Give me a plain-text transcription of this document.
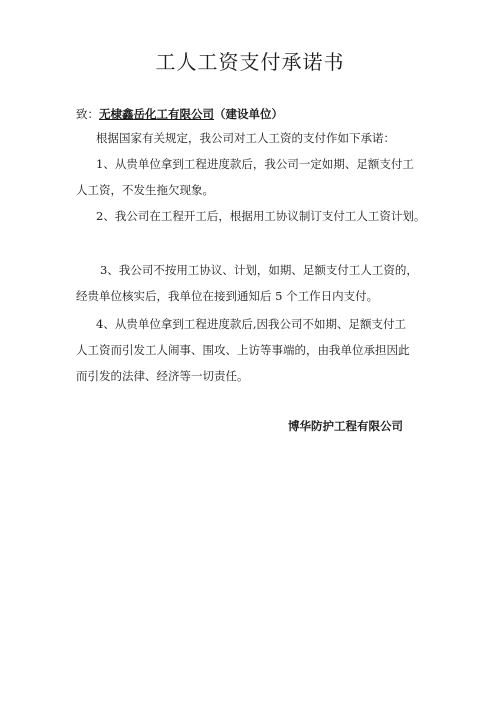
工人工资支付承诺书
致：无棣鑫岳化工有限公司（建设单位）
根据国家有关规定，我公司对工人工资的支付作如下承诺：
1、从贵单位拿到工程进度款后，我公司一定如期、足额支付工
人工资，不发生拖欠现象。
2、我公司在工程开工后，根据用工协议制订支付工人工资计划。
3、我公司不按用工协议、计划，如期、足额支付工人工资的，
经贵单位核实后，我单位在接到通知后 5 个工作日内支付。
4、从贵单位拿到工程进度款后,因我公司不如期、足额支付工
人工资而引发工人闹事、围攻、上访等事端的，由我单位承担因此
而引发的法律、经济等一切责任。
博华防护工程有限公司
